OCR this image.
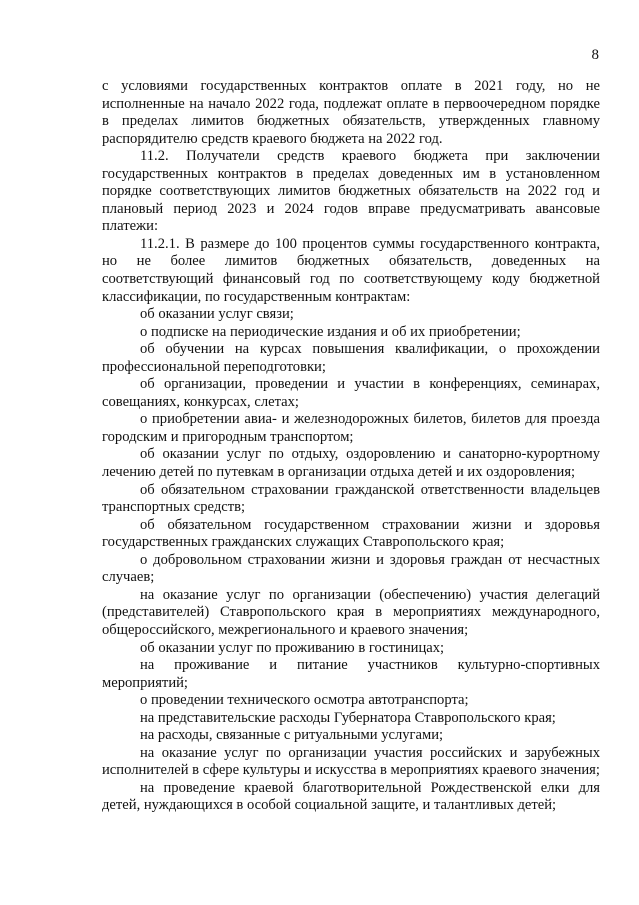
8

с условиями государственных контрактов оплате в 2021 году, но не исполненные на начало 2022 года, подлежат оплате в первоочередном порядке в пределах лимитов бюджетных обязательств, утвержденных главному распорядителю средств краевого бюджета на 2022 год.

11.2. Получатели средств краевого бюджета при заключении государственных контрактов в пределах доведенных им в установленном порядке соответствующих лимитов бюджетных обязательств на 2022 год и плановый период 2023 и 2024 годов вправе предусматривать авансовые платежи:

11.2.1. В размере до 100 процентов суммы государственного контракта, но не более лимитов бюджетных обязательств, доведенных на соответствующий финансовый год по соответствующему коду бюджетной классификации, по государственным контрактам:

об оказании услуг связи;

о подписке на периодические издания и об их приобретении;

об обучении на курсах повышения квалификации, о прохождении профессиональной переподготовки;

об организации, проведении и участии в конференциях, семинарах, совещаниях, конкурсах, слетах;

о приобретении авиа- и железнодорожных билетов, билетов для проезда городским и пригородным транспортом;

об оказании услуг по отдыху, оздоровлению и санаторно-курортному лечению детей по путевкам в организации отдыха детей и их оздоровления;

об обязательном страховании гражданской ответственности владельцев транспортных средств;

об обязательном государственном страховании жизни и здоровья государственных гражданских служащих Ставропольского края;

о добровольном страховании жизни и здоровья граждан от несчастных случаев;

на оказание услуг по организации (обеспечению) участия делегаций (представителей) Ставропольского края в мероприятиях международного, общероссийского, межрегионального и краевого значения;

об оказании услуг по проживанию в гостиницах;

на проживание и питание участников культурно-спортивных мероприятий;

о проведении технического осмотра автотранспорта;

на представительские расходы Губернатора Ставропольского края;

на расходы, связанные с ритуальными услугами;

на оказание услуг по организации участия российских и зарубежных исполнителей в сфере культуры и искусства в мероприятиях краевого значения;

на проведение краевой благотворительной Рождественской елки для детей, нуждающихся в особой социальной защите, и талантливых детей;
